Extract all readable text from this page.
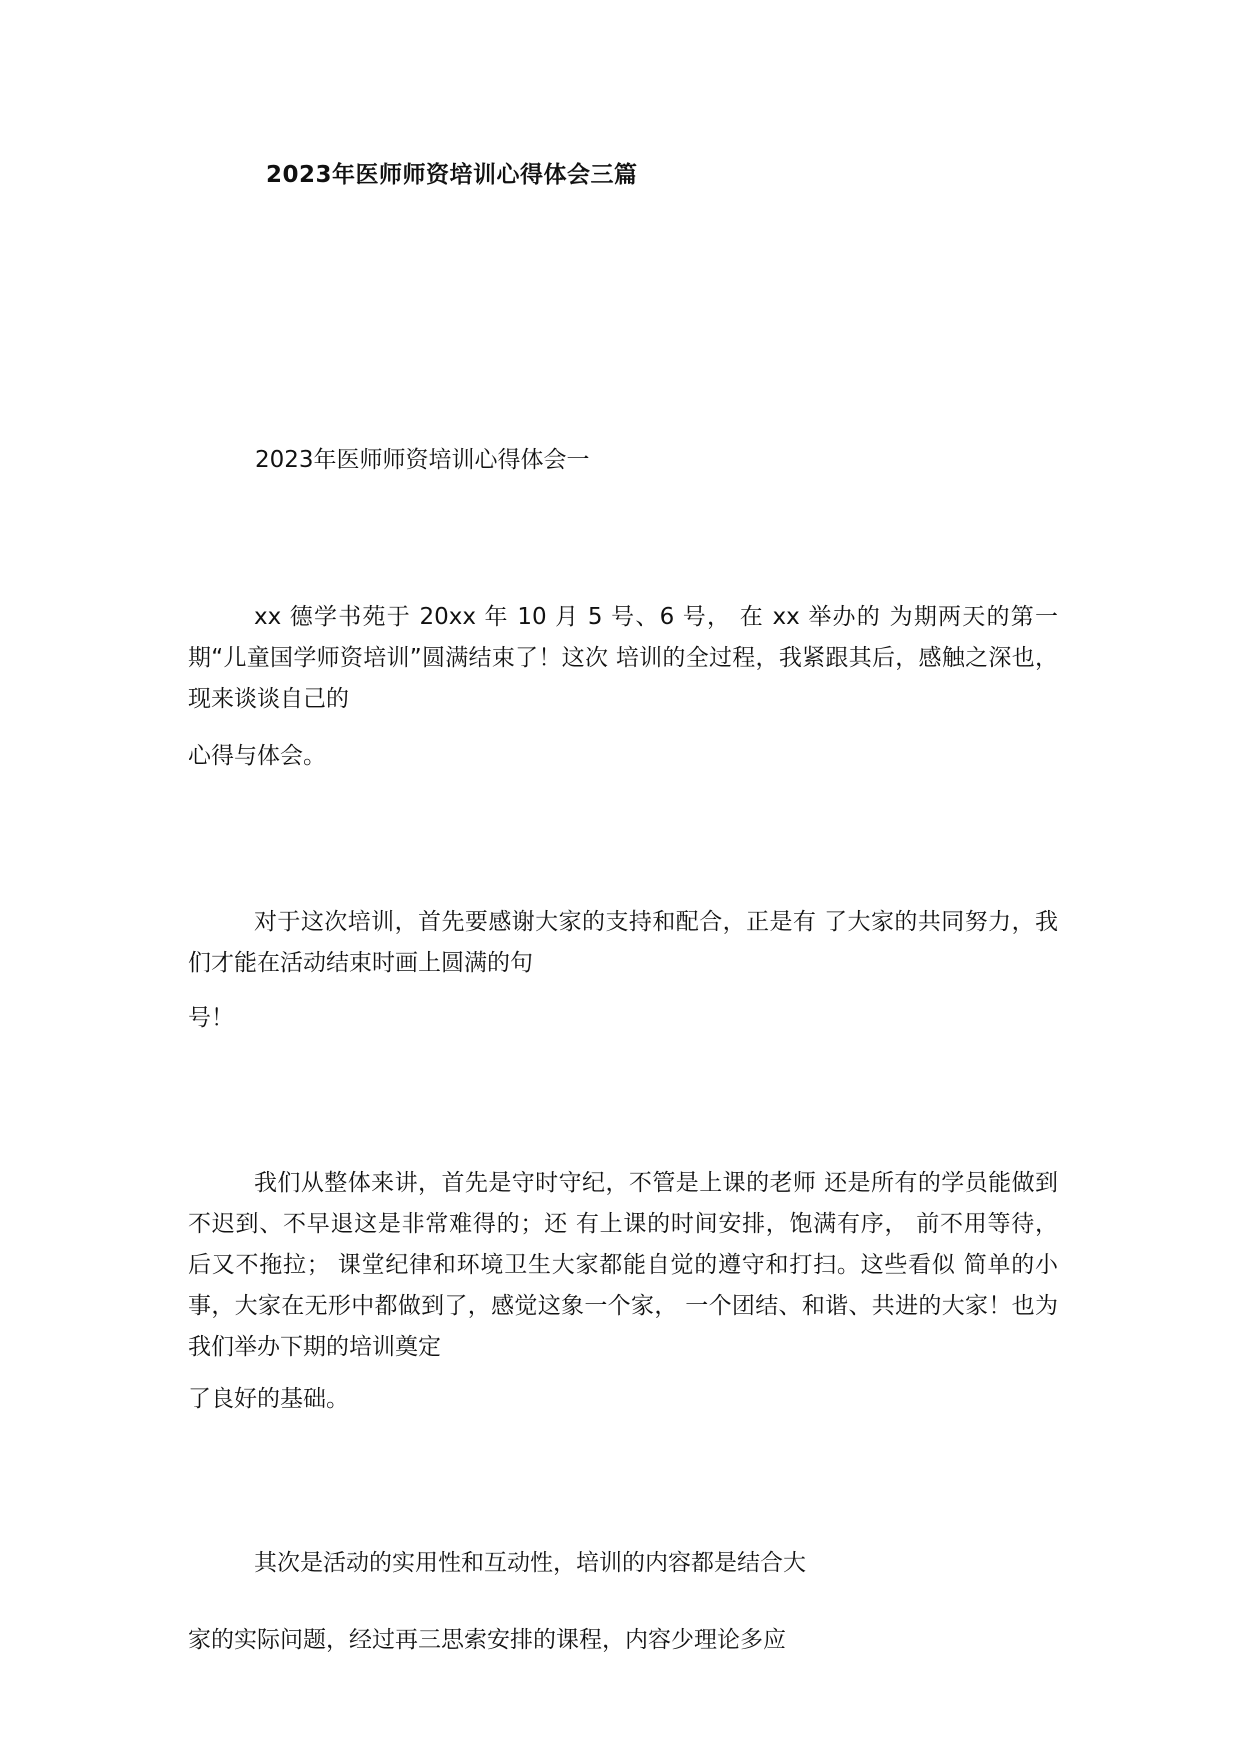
2023年医师师资培训心得体会三篇
2023年医师师资培训心得体会一
xx 德学书苑于 20xx 年 10 月 5 号、6 号， 在 xx 举办的 为期两天的第一期“儿童国学师资培训”圆满结束了！这次 培训的全过程，我紧跟其后，感触之深也，现来谈谈自己的
心得与体会。
对于这次培训，首先要感谢大家的支持和配合，正是有 了大家的共同努力，我们才能在活动结束时画上圆满的句
号！
我们从整体来讲，首先是守时守纪，不管是上课的老师 还是所有的学员能做到不迟到、不早退这是非常难得的；还 有上课的时间安排，饱满有序， 前不用等待， 后又不拖拉； 课堂纪律和环境卫生大家都能自觉的遵守和打扫。这些看似 简单的小事，大家在无形中都做到了，感觉这象一个家， 一个团结、和谐、共进的大家！也为我们举办下期的培训奠定
了良好的基础。
其次是活动的实用性和互动性，培训的内容都是结合大
家的实际问题，经过再三思索安排的课程，内容少理论多应
